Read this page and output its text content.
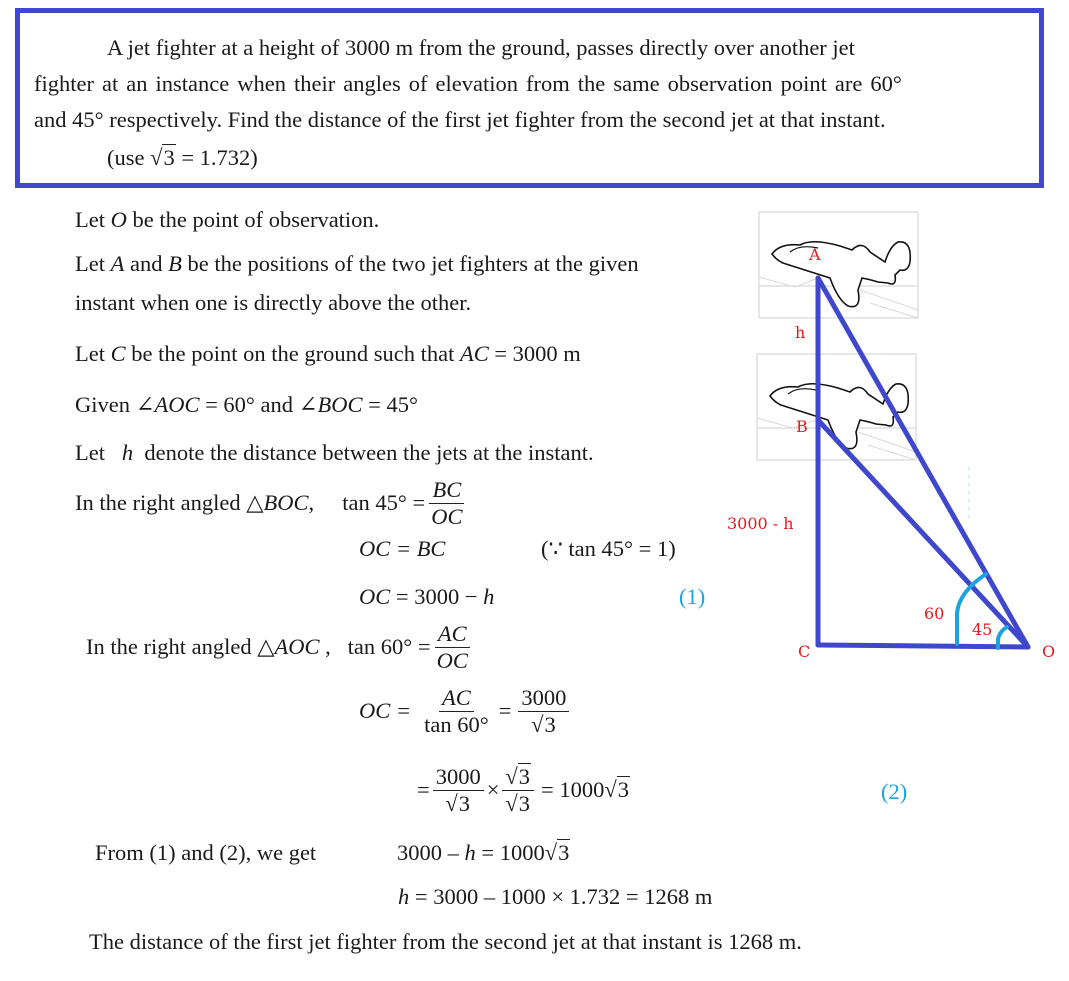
A jet fighter at a height of 3000 m from the ground, passes directly over another jet
fighter at an instance when their angles of elevation from the same observation point are 60°
and 45° respectively. Find the distance of the first jet fighter from the second jet at that instant.
(use √3 = 1.732)
Let O be the point of observation.
Let A and B be the positions of the two jet fighters at the given
instant when one is directly above the other.
Let C be the point on the ground such that AC = 3000 m
Given ∠AOC = 60° and ∠BOC = 45°
Let   h  denote the distance between the jets at the instant.
In the right angled △ BOC ,     $\tan 45^\circ = \frac{BC}{OC}$
OC = BC	(∵ tan 45° = 1)
OC = 3000 − h	(1)
In the right angled △ AOC ,   $\tan 60^\circ = \frac{AC}{OC}$
OC = $\frac{AC}{\tan 60^\circ} = \frac{3000}{√3}$
= $\frac{3000}{√3} \times \frac{√3}{√3} = 1000$ √3	(2)
From (1) and (2), we get	3000 – h = 1000√3
h = 3000 – 1000 × 1.732 = 1268 m
The distance of the first jet fighter from the second jet at that instant is 1268 m.
A
B
C	O
h
3000 - h
60
45
